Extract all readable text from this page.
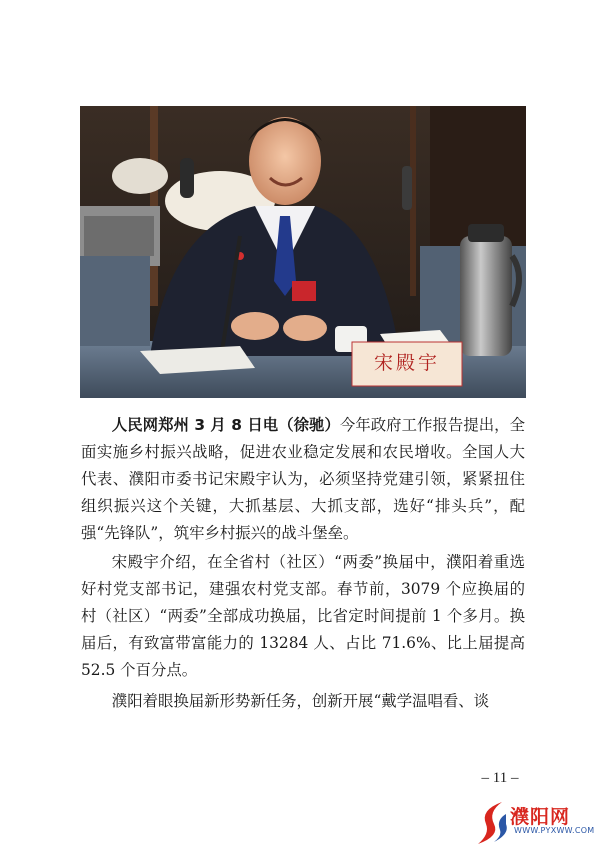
宋殿宇

人民网郑州 3 月 8 日电（徐驰）今年政府工作报告提出，全面实施乡村振兴战略，促进农业稳定发展和农民增收。全国人大代表、濮阳市委书记宋殿宇认为，必须坚持党建引领，紧紧扭住组织振兴这个关键，大抓基层、大抓支部，选好“排头兵”，配强“先锋队”，筑牢乡村振兴的战斗堡垒。

宋殿宇介绍，在全省村（社区）“两委”换届中，濮阳着重选好村党支部书记，建强农村党支部。春节前，3079 个应换届的村（社区）“两委”全部成功换届，比省定时间提前 1 个多月。换届后，有致富带富能力的 13284 人、占比 71.6%、比上届提高 52.5 个百分点。

濮阳着眼换届新形势新任务，创新开展“戴学温唱看、谈

– 11 –
濮阳网
WWW.PYXWW.COM
